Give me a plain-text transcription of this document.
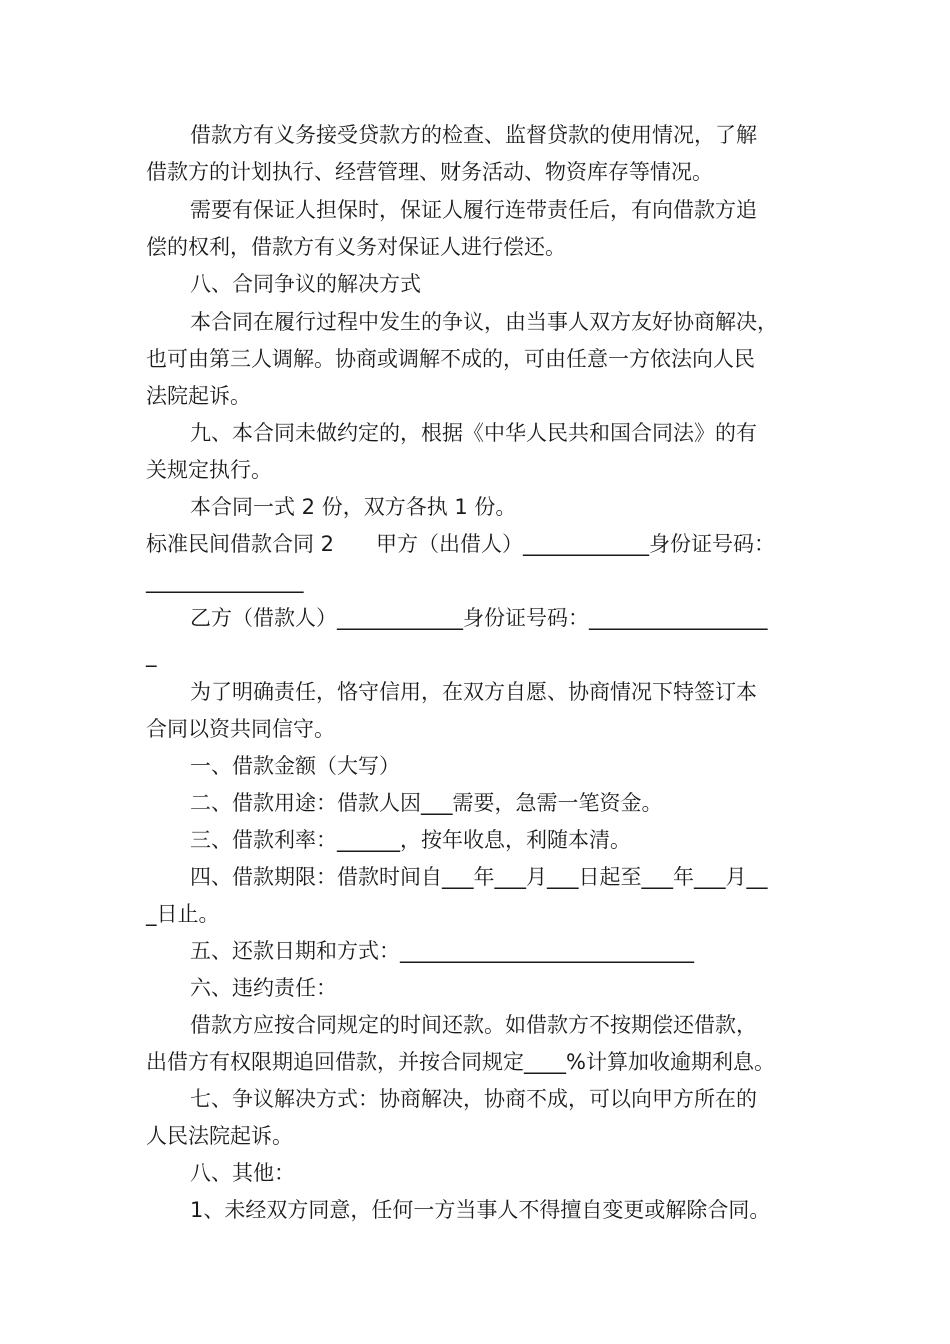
借款方有义务接受贷款方的检查、监督贷款的使用情况，了解
借款方的计划执行、经营管理、财务活动、物资库存等情况。
需要有保证人担保时，保证人履行连带责任后，有向借款方追
偿的权利，借款方有义务对保证人进行偿还。
八、合同争议的解决方式
本合同在履行过程中发生的争议，由当事人双方友好协商解决，
也可由第三人调解。协商或调解不成的，可由任意一方依法向人民
法院起诉。
九、本合同未做约定的，根据《中华人民共和国合同法》的有
关规定执行。
本合同一式 2 份，双方各执 1 份。
标准民间借款合同 2　　甲方（出借人）____________身份证号码：
_______________
乙方（借款人）____________身份证号码：_________________
_
为了明确责任，恪守信用，在双方自愿、协商情况下特签订本
合同以资共同信守。
一、借款金额（大写）
二、借款用途：借款人因___需要，急需一笔资金。
三、借款利率：______，按年收息，利随本清。
四、借款期限：借款时间自___年___月___日起至___年___月__
_日止。
五、还款日期和方式：____________________________
六、违约责任：
借款方应按合同规定的时间还款。如借款方不按期偿还借款，
出借方有权限期追回借款，并按合同规定____%计算加收逾期利息。
七、争议解决方式：协商解决，协商不成，可以向甲方所在的
人民法院起诉。
八、其他：
1、未经双方同意，任何一方当事人不得擅自变更或解除合同。
